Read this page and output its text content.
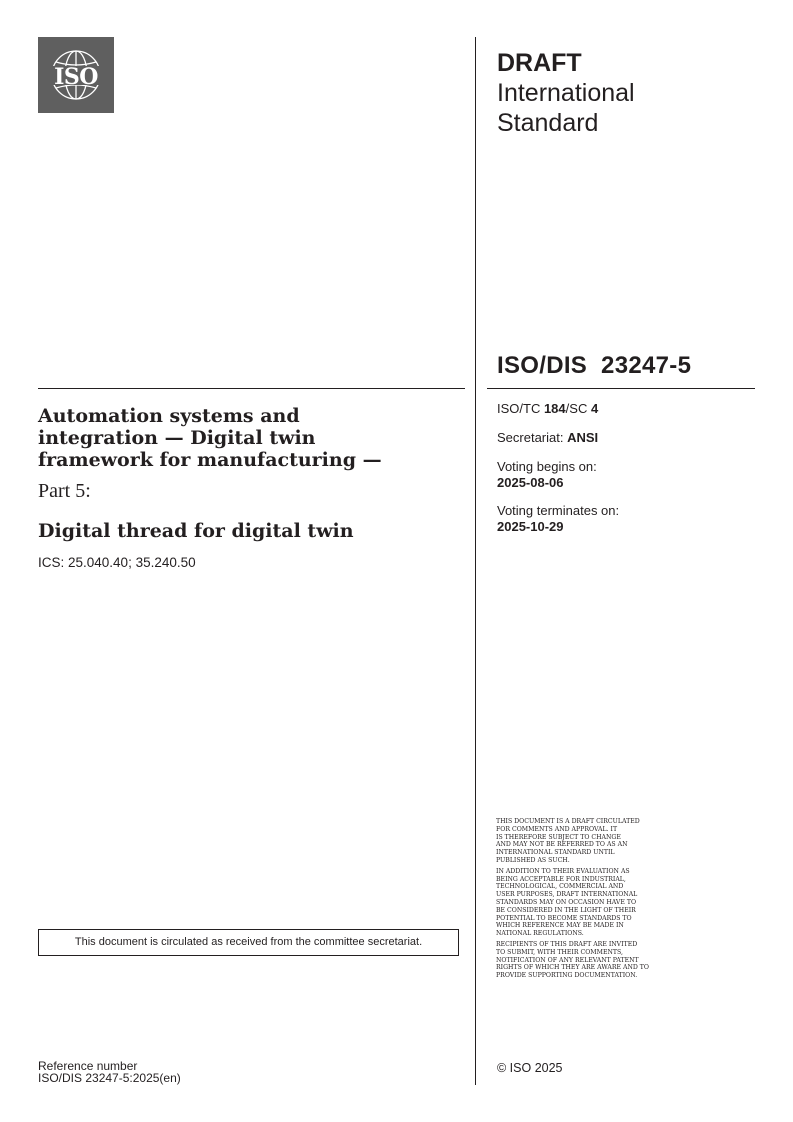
ISO	DRAFT
International
Standard
ISO/DIS  23247-5
ISO/TC 184/SC 4
Secretariat: ANSI
Voting begins on:
2025-08-06
Voting terminates on:
2025-10-29
Automation systems and
integration — Digital twin
framework for manufacturing —
Part 5:
Digital thread for digital twin
ICS: 25.040.40; 35.240.50
This document is circulated as received from the committee secretariat.
Reference number
ISO/DIS 23247-5:2025(en)

THIS DOCUMENT IS A DRAFT CIRCULATED
FOR COMMENTS AND APPROVAL. IT
IS THEREFORE SUBJECT TO CHANGE
AND MAY NOT BE REFERRED TO AS AN
INTERNATIONAL STANDARD UNTIL
PUBLISHED AS SUCH.

IN ADDITION TO THEIR EVALUATION AS
BEING ACCEPTABLE FOR INDUSTRIAL,
TECHNOLOGICAL, COMMERCIAL AND
USER PURPOSES, DRAFT INTERNATIONAL
STANDARDS MAY ON OCCASION HAVE TO
BE CONSIDERED IN THE LIGHT OF THEIR
POTENTIAL TO BECOME STANDARDS TO
WHICH REFERENCE MAY BE MADE IN
NATIONAL REGULATIONS.

RECIPIENTS OF THIS DRAFT ARE INVITED
TO SUBMIT, WITH THEIR COMMENTS,
NOTIFICATION OF ANY RELEVANT PATENT
RIGHTS OF WHICH THEY ARE AWARE AND TO
PROVIDE SUPPORTING DOCUMENTATION.

© ISO 2025
